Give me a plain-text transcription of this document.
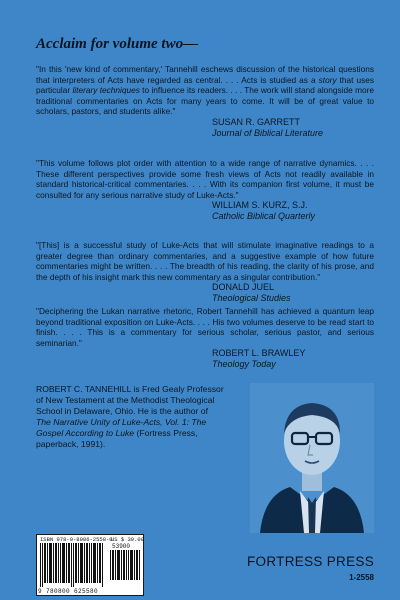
Acclaim for volume two—

"In this 'new kind of commentary,' Tannehill eschews discussion of the historical questions that interpreters of Acts have regarded as central. . . . Acts is studied as a story that uses particular literary techniques to influence its readers. . . . The work will stand alongside more traditional commentaries on Acts for many years to come. It will be of great value to scholars, pastors, and students alike."

SUSAN R. GARRETT
Journal of Biblical Literature

"This volume follows plot order with attention to a wide range of narrative dynamics. . . . These different perspectives provide some fresh views of Acts not readily available in standard historical-critical commentaries. . . . With its companion first volume, it must be consulted for any serious narrative study of Luke-Acts."

WILLIAM S. KURZ, S.J.
Catholic Biblical Quarterly

"[This] is a successful study of Luke-Acts that will stimulate imaginative readings to a greater degree than ordinary commentaries, and a suggestive example of how future commentaries might be written. . . . The breadth of his reading, the clarity of his prose, and the depth of his insight mark this new commentary as a singular contribution."

DONALD JUEL
Theological Studies

"Deciphering the Lukan narrative rhetoric, Robert Tannehill has achieved a quantum leap beyond traditional exposition on Luke-Acts. . . . His two volumes deserve to be read start to finish. . . . This is a commentary for serious scholar, serious pastor, and serious seminarian."

ROBERT L. BRAWLEY
Theology Today
ROBERT C. TANNEHILL is Fred Gealy Professor of New Testament at the Methodist Theological School in Delaware, Ohio. He is the author of The Narrative Unity of Luke-Acts, Vol. 1: The Gospel According to Luke (Fortress Press, paperback, 1991).
ISBN 978-0-8006-2558-0
US $ 39.00
53900
9 780800 625580
FORTRESS PRESS
1-2558
